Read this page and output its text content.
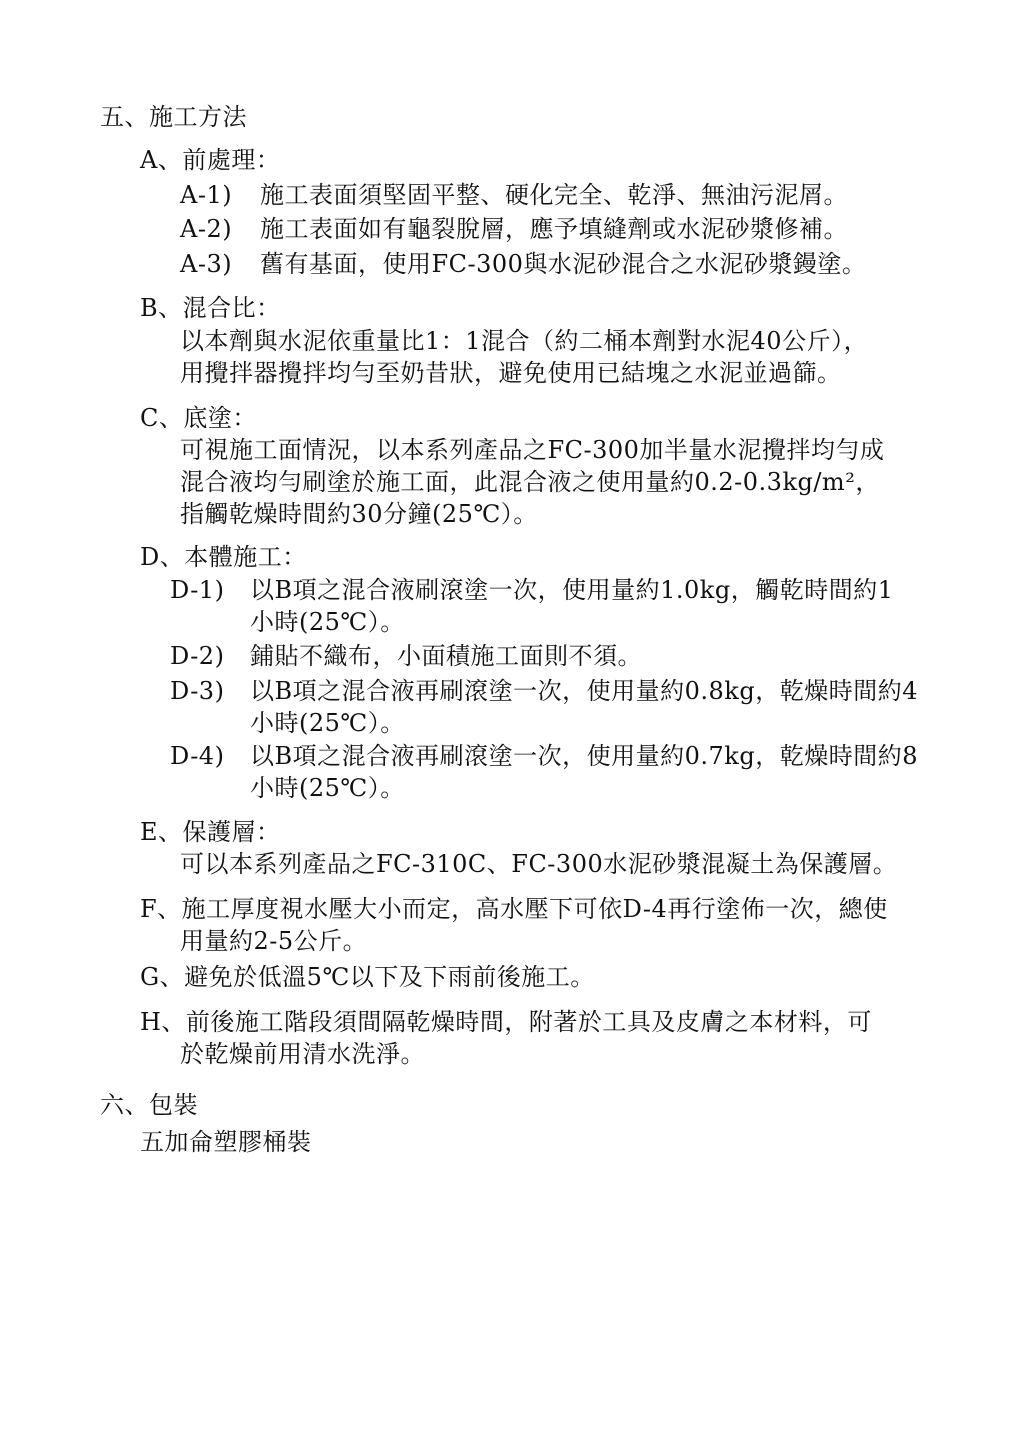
五、施工方法
A、前處理：
A-1) 施工表面須堅固平整、硬化完全、乾淨、無油污泥屑。
A-2) 施工表面如有龜裂脫層，應予填縫劑或水泥砂漿修補。
A-3) 舊有基面，使用FC-300與水泥砂混合之水泥砂漿鏝塗。
B、混合比：
以本劑與水泥依重量比1：1混合（約二桶本劑對水泥40公斤），
用攪拌器攪拌均勻至奶昔狀，避免使用已結塊之水泥並過篩。
C、底塗：
可視施工面情況，以本系列產品之FC-300加半量水泥攪拌均勻成
混合液均勻刷塗於施工面，此混合液之使用量約0.2-0.3kg/m²，
指觸乾燥時間約30分鐘(25℃）。
D、本體施工：
D-1) 以B項之混合液刷滾塗一次，使用量約1.0kg，觸乾時間約1
小時(25℃）。
D-2) 鋪貼不織布，小面積施工面則不須。
D-3) 以B項之混合液再刷滾塗一次，使用量約0.8kg，乾燥時間約4
小時(25℃）。
D-4) 以B項之混合液再刷滾塗一次，使用量約0.7kg，乾燥時間約8
小時(25℃）。
E、保護層：
可以本系列產品之FC-310C、FC-300水泥砂漿混凝土為保護層。
F、施工厚度視水壓大小而定，高水壓下可依D-4再行塗佈一次，總使
用量約2-5公斤。
G、避免於低溫5℃以下及下雨前後施工。
H、前後施工階段須間隔乾燥時間，附著於工具及皮膚之本材料，可
於乾燥前用清水洗淨。
六、包裝
五加侖塑膠桶裝
